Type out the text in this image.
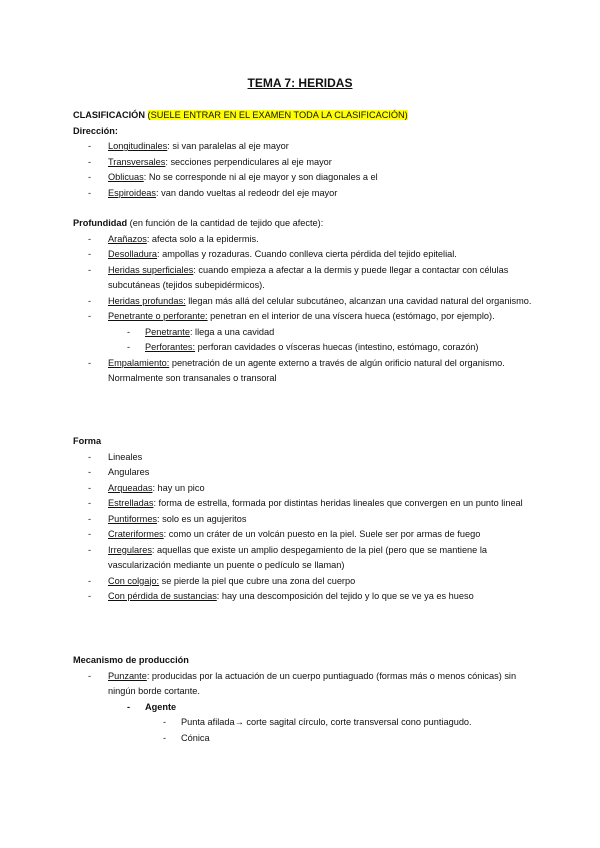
TEMA 7: HERIDAS
CLASIFICACIÓN (SUELE ENTRAR EN EL EXAMEN TODA LA CLASIFICACIÓN)
Dirección:
- Longitudinales: si van paralelas al eje mayor
- Transversales: secciones perpendiculares al eje mayor
- Oblicuas: No se corresponde ni al eje mayor y son diagonales a el
- Espiroideas: van dando vueltas al redeodr del eje mayor
Profundidad (en función de la cantidad de tejido que afecte):
- Arañazos: afecta solo a la epidermis.
- Desolladura: ampollas y rozaduras. Cuando conlleva cierta pérdida del tejido epitelial.
- Heridas superficiales: cuando empieza a afectar a la dermis y puede llegar a contactar con células subcutáneas (tejidos subepidérmicos).
- Heridas profundas: llegan más allá del celular subcutáneo, alcanzan una cavidad natural del organismo.
- Penetrante o perforante: penetran en el interior de una víscera hueca (estómago, por ejemplo).
- Penetrante: llega a una cavidad
- Perforantes: perforan cavidades o vísceras huecas (intestino, estómago, corazón)
- Empalamiento: penetración de un agente externo a través de algún orificio natural del organismo. Normalmente son transanales o transoral
Forma
- Lineales
- Angulares
- Arqueadas: hay un pico
- Estrelladas: forma de estrella, formada por distintas heridas lineales que convergen en un punto lineal
- Puntiformes: solo es un agujeritos
- Crateriformes: como un cráter de un volcán puesto en la piel. Suele ser por armas de fuego
- Irregulares: aquellas que existe un amplio despegamiento de la piel (pero que se mantiene la vascularización mediante un puente o pedículo se llaman)
- Con colgajo: se pierde la piel que cubre una zona del cuerpo
- Con pérdida de sustancias: hay una descomposición del tejido y lo que se ve ya es hueso
Mecanismo de producción
- Punzante: producidas por la actuación de un cuerpo puntiaguado (formas más o menos cónicas) sin ningún borde cortante.
- Agente
- Punta afilada→ corte sagital círculo, corte transversal cono puntiagudo.
- Cónica
